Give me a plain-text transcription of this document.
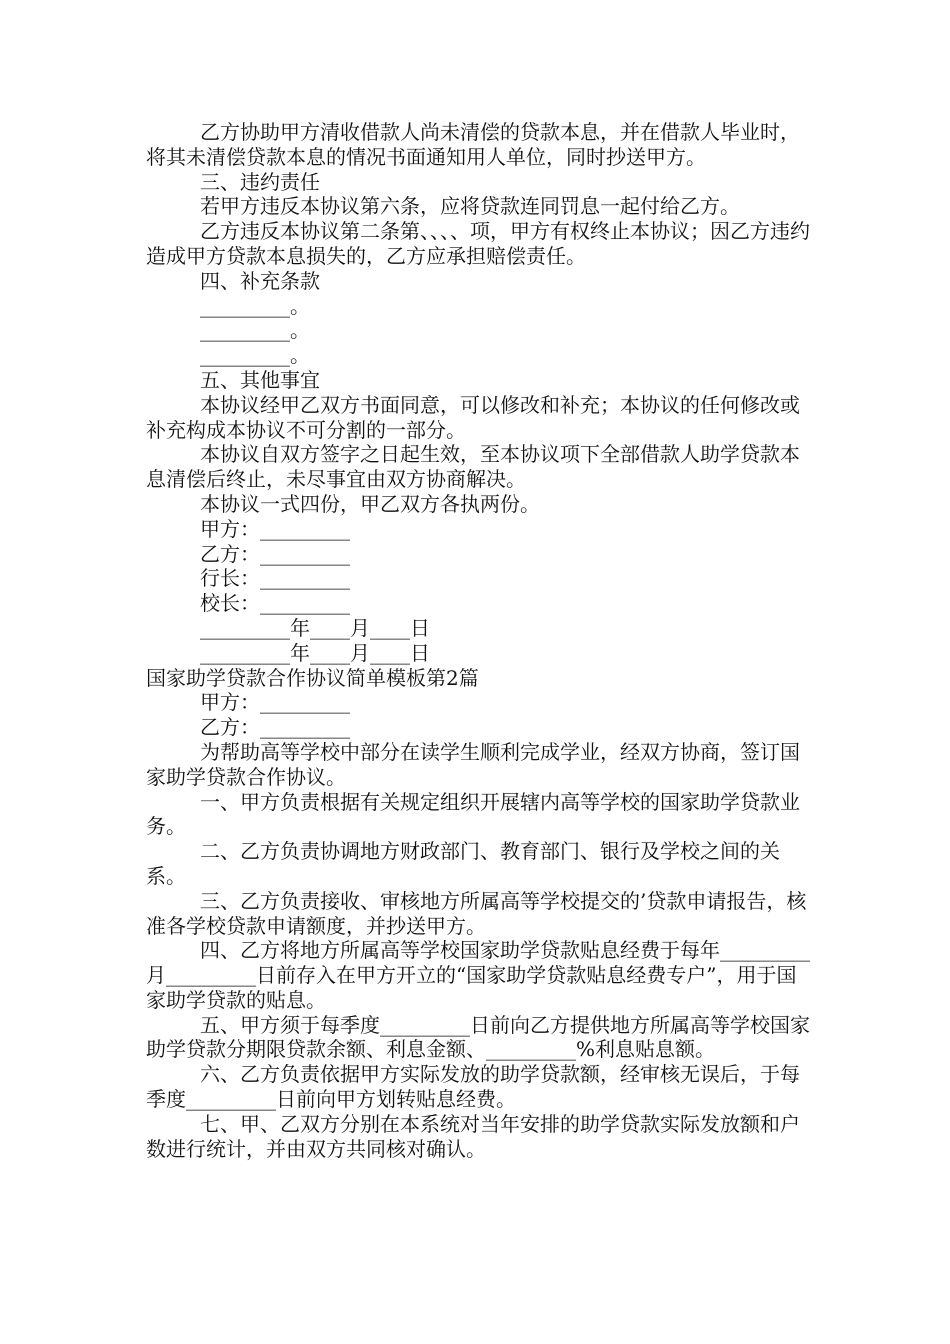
乙方协助甲方清收借款人尚未清偿的贷款本息，并在借款人毕业时，将其未清偿贷款本息的情况书面通知用人单位，同时抄送甲方。

三、违约责任

若甲方违反本协议第六条，应将贷款连同罚息一起付给乙方。

乙方违反本协议第二条第、、、、项，甲方有权终止本协议；因乙方违约造成甲方贷款本息损失的，乙方应承担赔偿责任。

四、补充条款

_________。

_________。

_________。

五、其他事宜

本协议经甲乙双方书面同意，可以修改和补充；本协议的任何修改或补充构成本协议不可分割的一部分。

本协议自双方签字之日起生效，至本协议项下全部借款人助学贷款本息清偿后终止，未尽事宜由双方协商解决。

本协议一式四份，甲乙双方各执两份。

甲方：_________

乙方：_________

行长：_________

校长：_________

_________年____月____日

_________年____月____日

国家助学贷款合作协议简单模板第2篇

甲方：_________

乙方：_________

为帮助高等学校中部分在读学生顺利完成学业，经双方协商，签订国家助学贷款合作协议。

一、甲方负责根据有关规定组织开展辖内高等学校的国家助学贷款业务。

二、乙方负责协调地方财政部门、教育部门、银行及学校之间的关系。

三、乙方负责接收、审核地方所属高等学校提交的’贷款申请报告，核准各学校贷款申请额度，并抄送甲方。

四、乙方将地方所属高等学校国家助学贷款贴息经费于每年_________月_________日前存入在甲方开立的“国家助学贷款贴息经费专户”，用于国家助学贷款的贴息。

五、甲方须于每季度_________日前向乙方提供地方所属高等学校国家助学贷款分期限贷款余额、利息金额、_________%利息贴息额。

六、乙方负责依据甲方实际发放的助学贷款额，经审核无误后，于每季度_________日前向甲方划转贴息经费。

七、甲、乙双方分别在本系统对当年安排的助学贷款实际发放额和户数进行统计，并由双方共同核对确认。
